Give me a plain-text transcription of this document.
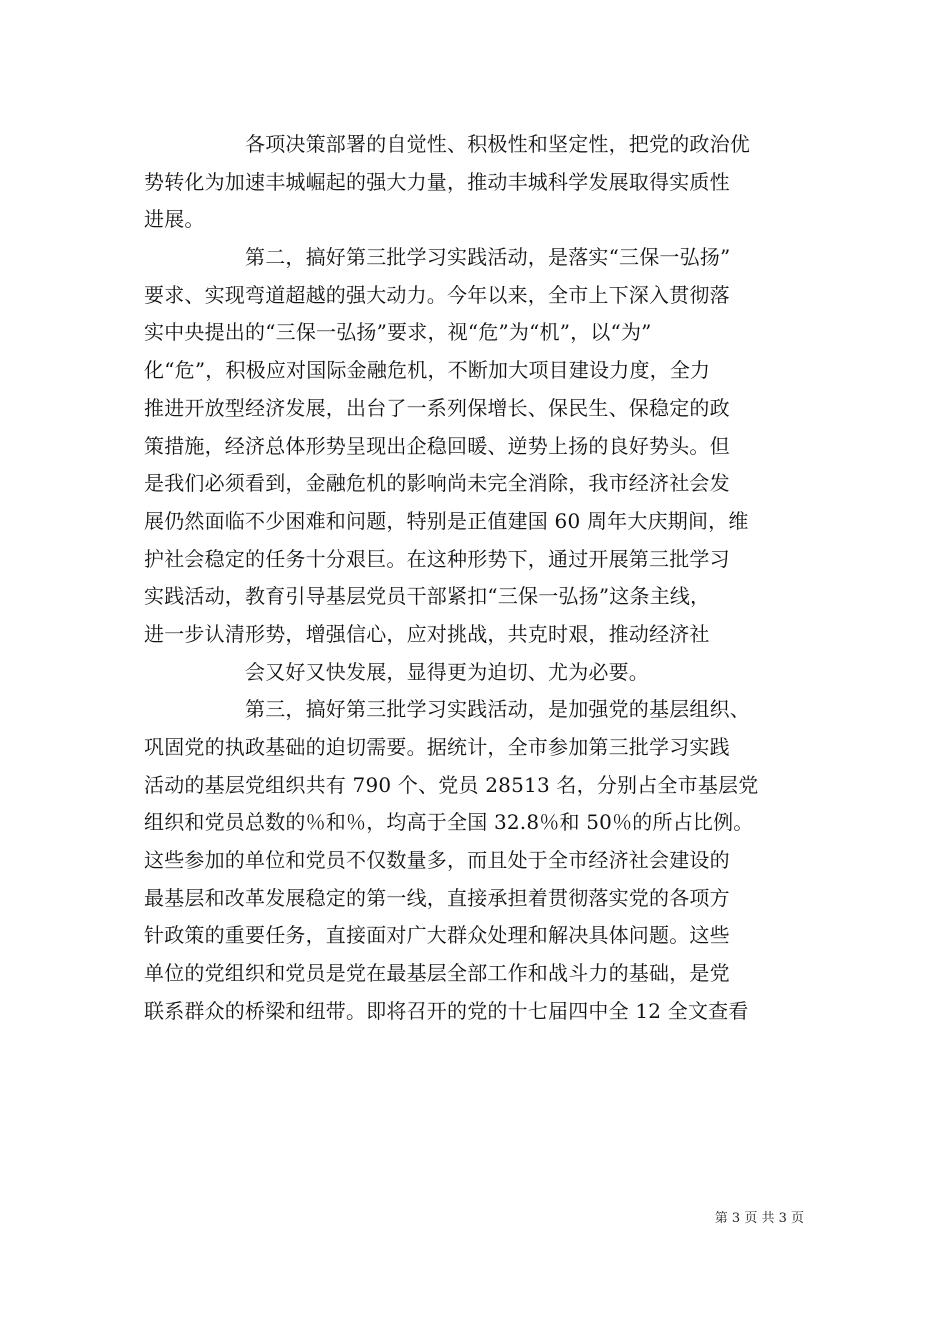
各项决策部署的自觉性、积极性和坚定性，把党的政治优
势转化为加速丰城崛起的强大力量，推动丰城科学发展取得实质性
进展。
第二，搞好第三批学习实践活动，是落实“三保一弘扬”
要求、实现弯道超越的强大动力。今年以来，全市上下深入贯彻落
实中央提出的“三保一弘扬”要求，视“危”为“机”，以“为”
化“危”，积极应对国际金融危机，不断加大项目建设力度，全力
推进开放型经济发展，出台了一系列保增长、保民生、保稳定的政
策措施，经济总体形势呈现出企稳回暖、逆势上扬的良好势头。但
是我们必须看到，金融危机的影响尚未完全消除，我市经济社会发
展仍然面临不少困难和问题，特别是正值建国 60 周年大庆期间，维
护社会稳定的任务十分艰巨。在这种形势下，通过开展第三批学习
实践活动，教育引导基层党员干部紧扣“三保一弘扬”这条主线，
进一步认清形势，增强信心，应对挑战，共克时艰，推动经济社
会又好又快发展，显得更为迫切、尤为必要。
第三，搞好第三批学习实践活动，是加强党的基层组织、
巩固党的执政基础的迫切需要。据统计，全市参加第三批学习实践
活动的基层党组织共有 790 个、党员 28513 名，分别占全市基层党
组织和党员总数的％和％，均高于全国 32.8％和 50％的所占比例。
这些参加的单位和党员不仅数量多，而且处于全市经济社会建设的
最基层和改革发展稳定的第一线，直接承担着贯彻落实党的各项方
针政策的重要任务，直接面对广大群众处理和解决具体问题。这些
单位的党组织和党员是党在最基层全部工作和战斗力的基础，是党
联系群众的桥梁和纽带。即将召开的党的十七届四中全 12 全文查看
第 3 页 共 3 页
